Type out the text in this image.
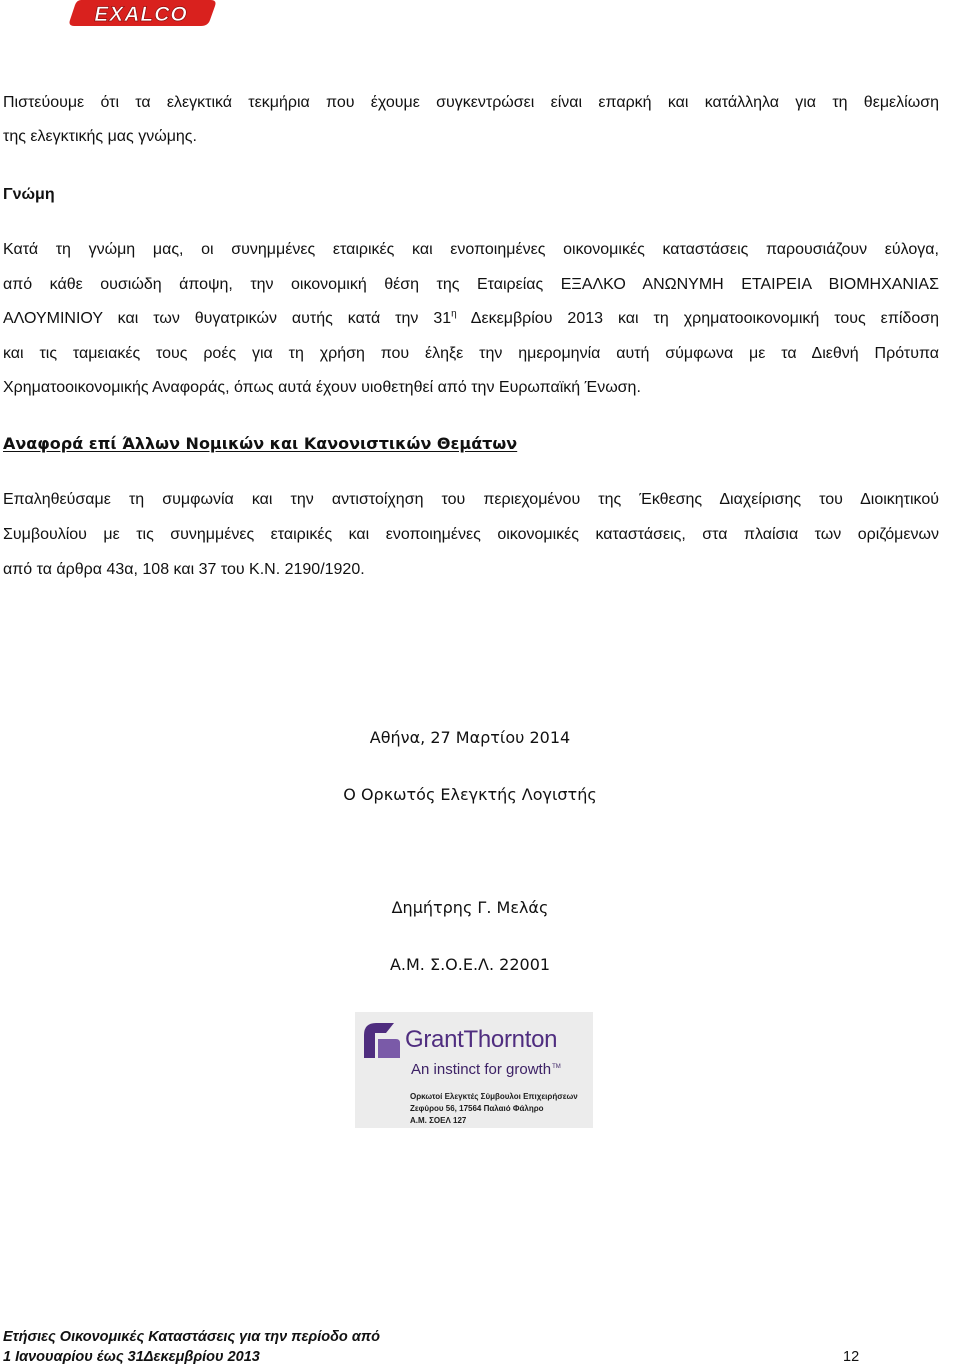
EXALCO
Πιστεύουμε ότι τα ελεγκτικά τεκμήρια που έχουμε συγκεντρώσει είναι επαρκή και κατάλληλα για τη θεμελίωση
της ελεγκτικής μας γνώμης.
Γνώμη
Κατά τη γνώμη μας, οι συνημμένες εταιρικές και ενοποιημένες οικονομικές καταστάσεις παρουσιάζουν εύλογα,
από κάθε ουσιώδη άποψη, την οικονομική θέση της Εταιρείας ΕΞΑΛΚΟ ΑΝΩΝΥΜΗ ΕΤΑΙΡΕΙΑ ΒΙΟΜΗΧΑΝΙΑΣ
ΑΛΟΥΜΙΝΙΟΥ και των θυγατρικών αυτής κατά την $31^\eta$ Δεκεμβρίου 2013 και τη χρηματοοικονομική τους επίδοση
και τις ταμειακές τους ροές για τη χρήση που έληξε την ημερομηνία αυτή σύμφωνα με τα Διεθνή Πρότυπα
Χρηματοοικονομικής Αναφοράς, όπως αυτά έχουν υιοθετηθεί από την Ευρωπαϊκή Ένωση.
Αναφορά επί Άλλων Νομικών και Κανονιστικών Θεμάτων
Επαληθεύσαμε τη συμφωνία και την αντιστοίχηση του περιεχομένου της Έκθεσης Διαχείρισης του Διοικητικού
Συμβουλίου με τις συνημμένες εταιρικές και ενοποιημένες οικονομικές καταστάσεις, στα πλαίσια των οριζόμενων
από τα άρθρα 43α, 108 και 37 του Κ.Ν. 2190/1920.
Αθήνα, 27 Μαρτίου 2014
Ο Ορκωτός Ελεγκτής Λογιστής
Δημήτρης Γ. Μελάς
Α.Μ. Σ.Ο.Ε.Λ. 22001
GrantThornton
An instinct for growth™
Ορκωτοί Ελεγκτές Σύμβουλοι Επιχειρήσεων
Ζεφύρου 56, 17564 Παλαιό Φάληρο
Α.Μ. ΣΟΕΛ 127
Ετήσιες Οικονομικές Καταστάσεις για την περίοδο από
1 Ιανουαρίου έως 31Δεκεμβρίου 2013	12
